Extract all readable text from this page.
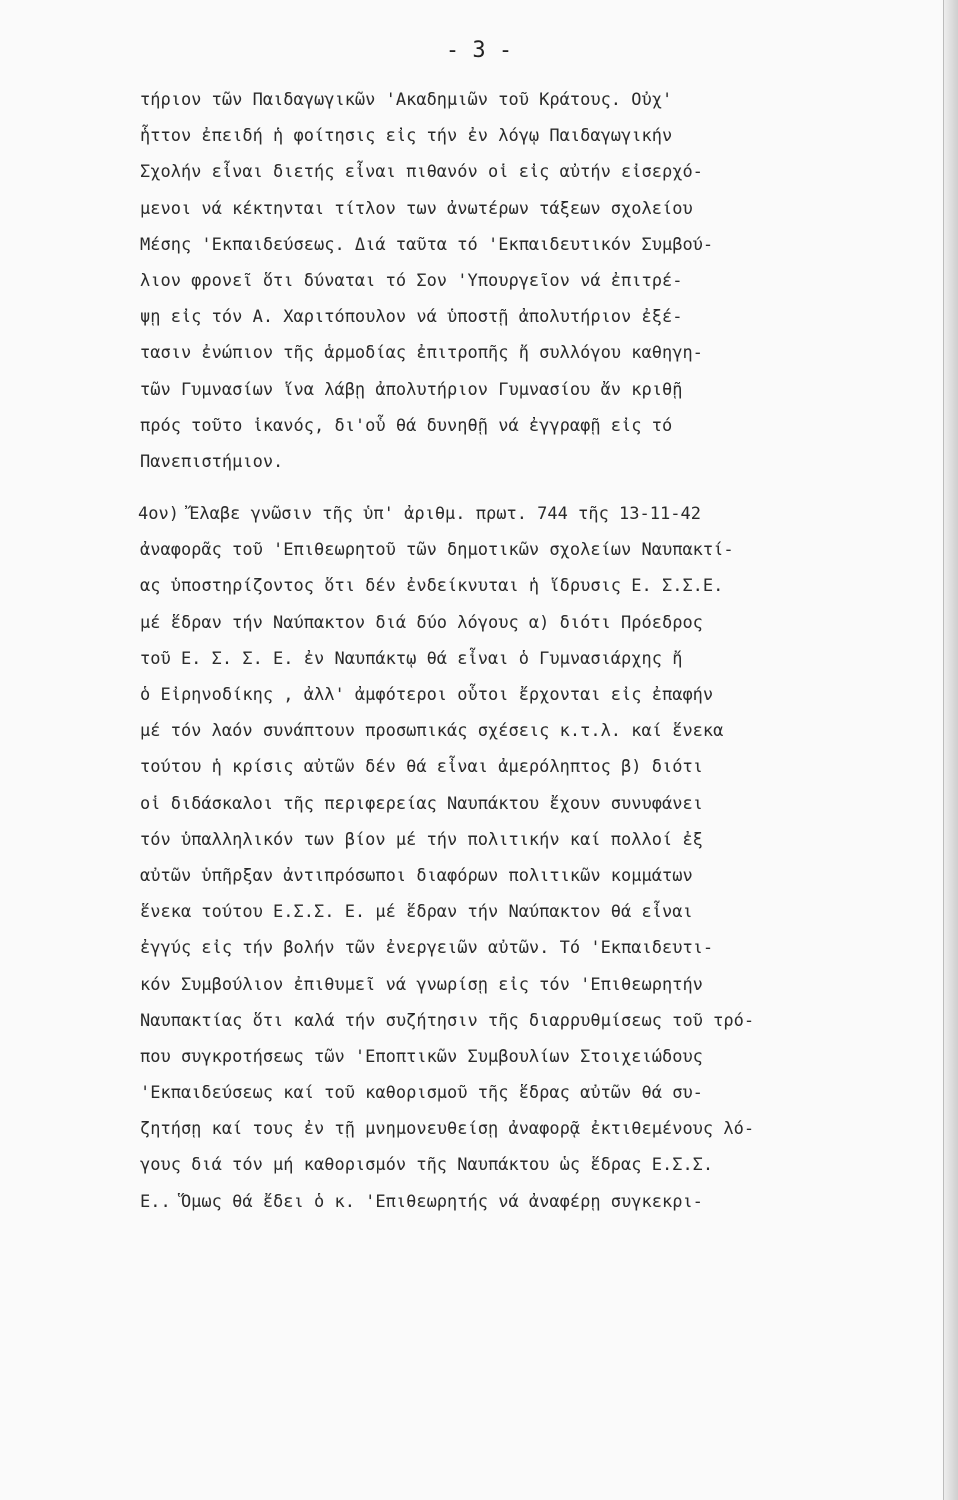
- 3 -
τήριον τῶν Παιδαγωγικῶν 'Ακαδημιῶν τοῦ Κράτους. Οὐχ'
ἧττον ἐπειδή ἡ φοίτησις εἰς τήν ἐν λόγῳ Παιδαγωγικήν
Σχολήν εἶναι διετής εἶναι πιθανόν οἱ εἰς αὐτήν εἰσερχό-
μενοι νά κέκτηνται τίτλον των ἀνωτέρων τάξεων σχολείου
Μέσης 'Εκπαιδεύσεως. Διά ταῦτα τό 'Εκπαιδευτικόν Συμβού-
λιον φρονεῖ ὅτι δύναται τό Σον 'Υπουργεῖον νά ἐπιτρέ-
ψῃ εἰς τόν Α. Χαριτόπουλον νά ὑποστῇ ἀπολυτήριον ἐξέ-
τασιν ἐνώπιον τῆς ἁρμοδίας ἐπιτροπῆς ἤ συλλόγου καθηγη-
τῶν Γυμνασίων ἵνα λάβῃ ἀπολυτήριον Γυμνασίου ἄν κριθῇ
πρός τοῦτο ἱκανός, δι'οὗ θά δυνηθῇ νά ἐγγραφῇ εἰς τό
Πανεπιστήμιον.
4ον) Ἔλαβε γνῶσιν τῆς ὑπ' ἀριθμ. πρωτ. 744 τῆς 13-11-42
ἀναφορᾶς τοῦ 'Επιθεωρητοῦ τῶν δημοτικῶν σχολείων Ναυπακτί-
ας ὑποστηρίζοντος ὅτι δέν ἐνδείκνυται ἡ ἵδρυσις Ε. Σ.Σ.Ε.
μέ ἕδραν τήν Ναύπακτον διά δύο λόγους α) διότι Πρόεδρος
τοῦ Ε. Σ. Σ. Ε. ἐν Ναυπάκτῳ θά εἶναι ὁ Γυμνασιάρχης ἤ
ὁ Εἰρηνοδίκης , ἀλλ' ἀμφότεροι οὗτοι ἔρχονται εἰς ἐπαφήν
μέ τόν λαόν συνάπτουν προσωπικάς σχέσεις κ.τ.λ. καί ἕνεκα
τούτου ἡ κρίσις αὐτῶν δέν θά εἶναι ἀμερόληπτος β) διότι
οἱ διδάσκαλοι τῆς περιφερείας Ναυπάκτου ἔχουν συνυφάνει
τόν ὑπαλληλικόν των βίον μέ τήν πολιτικήν καί πολλοί ἐξ
αὐτῶν ὑπῆρξαν ἀντιπρόσωποι διαφόρων πολιτικῶν κομμάτων
ἕνεκα τούτου Ε.Σ.Σ. Ε. μέ ἕδραν τήν Ναύπακτον θά εἶναι
ἐγγύς εἰς τήν βολήν τῶν ἐνεργειῶν αὐτῶν. Τό 'Εκπαιδευτι-
κόν Συμβούλιον ἐπιθυμεῖ νά γνωρίσῃ εἰς τόν 'Επιθεωρητήν
Ναυπακτίας ὅτι καλά τήν συζήτησιν τῆς διαρρυθμίσεως τοῦ τρό-
που συγκροτήσεως τῶν 'Εποπτικῶν Συμβουλίων Στοιχειώδους
'Εκπαιδεύσεως καί τοῦ καθορισμοῦ τῆς ἕδρας αὐτῶν θά συ-
ζητήσῃ καί τους ἐν τῇ μνημονευθείσῃ ἀναφορᾷ ἐκτιθεμένους λό-
γους διά τόν μή καθορισμόν τῆς Ναυπάκτου ὡς ἕδρας Ε.Σ.Σ.
Ε.. Ὅμως θά ἔδει ὁ κ. 'Επιθεωρητής νά ἀναφέρῃ συγκεκρι-
